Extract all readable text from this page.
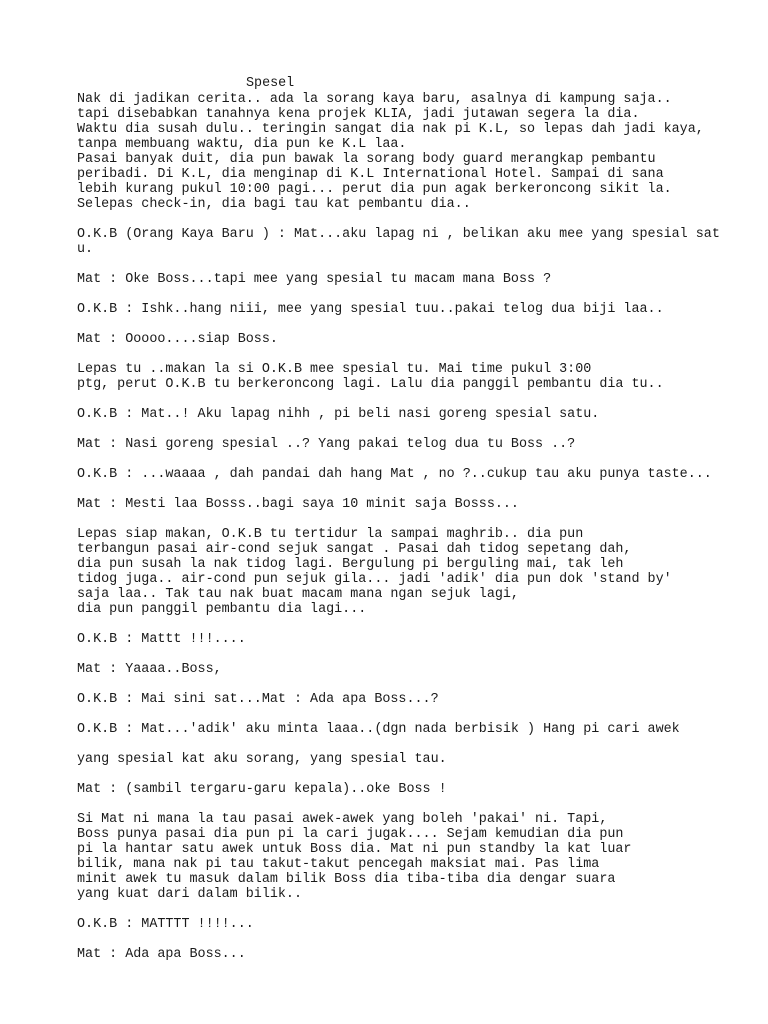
Spesel
Nak di jadikan cerita.. ada la sorang kaya baru, asalnya di kampung saja..
tapi disebabkan tanahnya kena projek KLIA, jadi jutawan segera la dia.
Waktu dia susah dulu.. teringin sangat dia nak pi K.L, so lepas dah jadi kaya,
tanpa membuang waktu, dia pun ke K.L laa.
Pasai banyak duit, dia pun bawak la sorang body guard merangkap pembantu
peribadi. Di K.L, dia menginap di K.L International Hotel. Sampai di sana
lebih kurang pukul 10:00 pagi... perut dia pun agak berkeroncong sikit la.
Selepas check-in, dia bagi tau kat pembantu dia..
O.K.B (Orang Kaya Baru ) : Mat...aku lapag ni , belikan aku mee yang spesial sat
u.
Mat : Oke Boss...tapi mee yang spesial tu macam mana Boss ?
O.K.B : Ishk..hang niii, mee yang spesial tuu..pakai telog dua biji laa..
Mat : Ooooo....siap Boss.
Lepas tu ..makan la si O.K.B mee spesial tu. Mai time pukul 3:00
ptg, perut O.K.B tu berkeroncong lagi. Lalu dia panggil pembantu dia tu..
O.K.B : Mat..! Aku lapag nihh , pi beli nasi goreng spesial satu.
Mat : Nasi goreng spesial ..? Yang pakai telog dua tu Boss ..?
O.K.B : ...waaaa , dah pandai dah hang Mat , no ?..cukup tau aku punya taste...
Mat : Mesti laa Bosss..bagi saya 10 minit saja Bosss...
Lepas siap makan, O.K.B tu tertidur la sampai maghrib.. dia pun
terbangun pasai air-cond sejuk sangat . Pasai dah tidog sepetang dah,
dia pun susah la nak tidog lagi. Bergulung pi berguling mai, tak leh
tidog juga.. air-cond pun sejuk gila... jadi 'adik' dia pun dok 'stand by'
saja laa.. Tak tau nak buat macam mana ngan sejuk lagi,
dia pun panggil pembantu dia lagi...
O.K.B : Mattt !!!....
Mat : Yaaaa..Boss,
O.K.B : Mai sini sat...Mat : Ada apa Boss...?
O.K.B : Mat...'adik' aku minta laaa..(dgn nada berbisik ) Hang pi cari awek
yang spesial kat aku sorang, yang spesial tau.
Mat : (sambil tergaru-garu kepala)..oke Boss !
Si Mat ni mana la tau pasai awek-awek yang boleh 'pakai' ni. Tapi,
Boss punya pasai dia pun pi la cari jugak.... Sejam kemudian dia pun
pi la hantar satu awek untuk Boss dia. Mat ni pun standby la kat luar
bilik, mana nak pi tau takut-takut pencegah maksiat mai. Pas lima
minit awek tu masuk dalam bilik Boss dia tiba-tiba dia dengar suara
yang kuat dari dalam bilik..
O.K.B : MATTTT !!!!...
Mat : Ada apa Boss...
